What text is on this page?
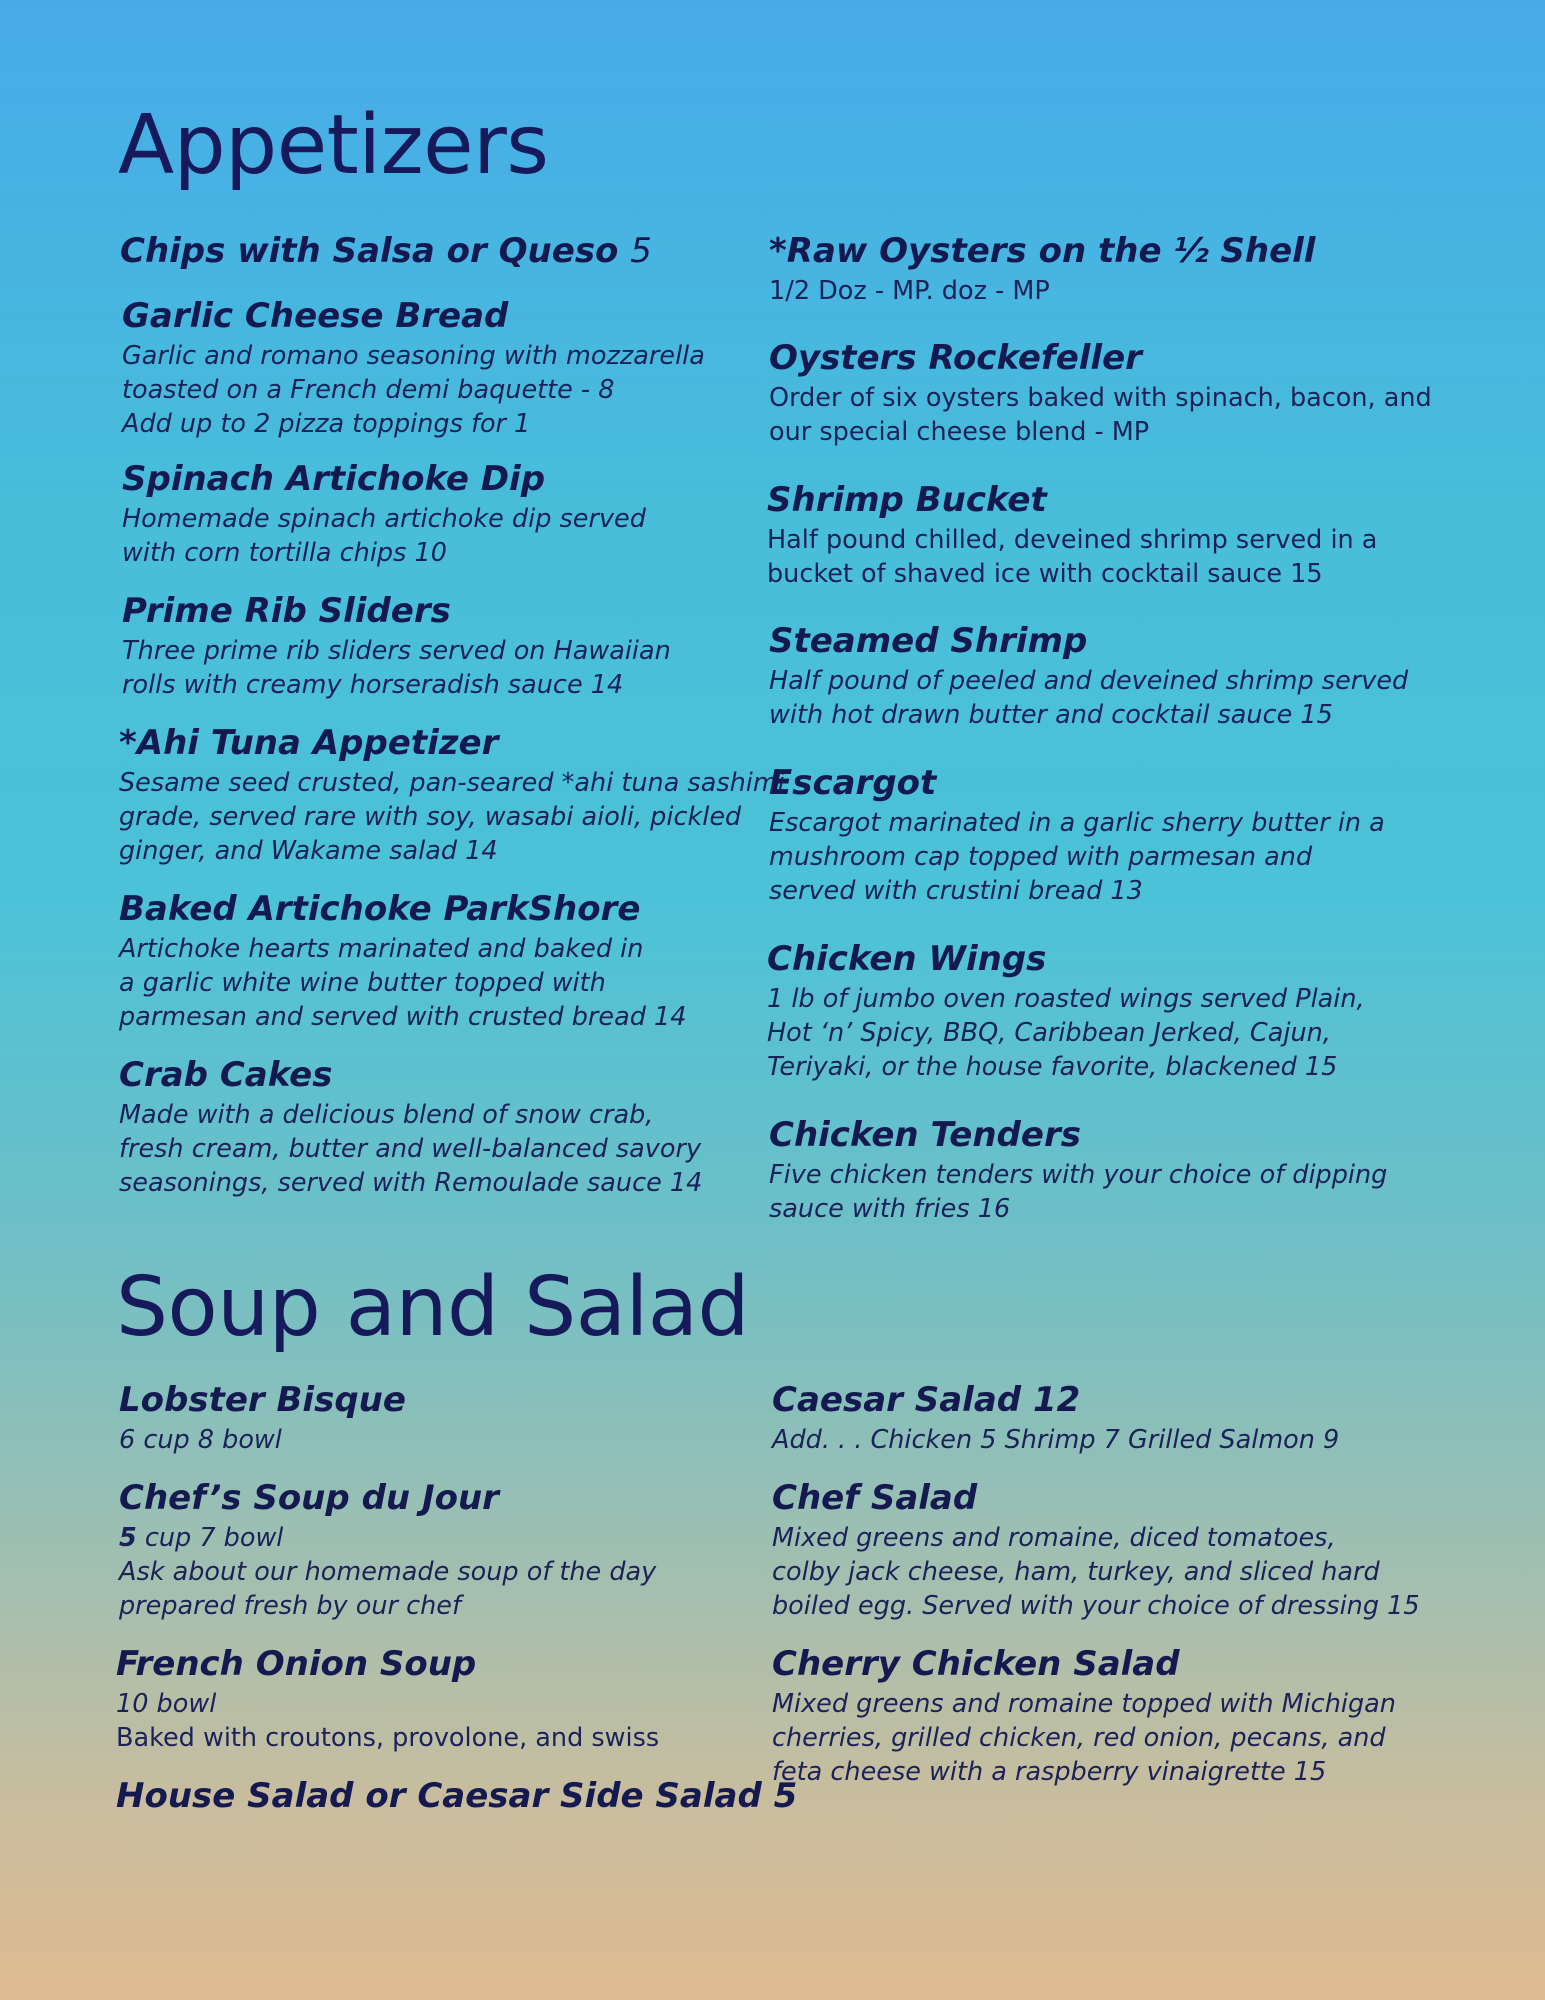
Appetizers
Chips with Salsa or Queso 5
Garlic Cheese Bread
Garlic and romano seasoning with mozzarella
toasted on a French demi baquette - 8
Add up to 2 pizza toppings for 1
Spinach Artichoke Dip
Homemade spinach artichoke dip served
with corn tortilla chips 10
Prime Rib Sliders
Three prime rib sliders served on Hawaiian
rolls with creamy horseradish sauce 14
*Ahi Tuna Appetizer
Sesame seed crusted, pan-seared *ahi tuna sashimi
grade, served rare with soy, wasabi aioli, pickled
ginger, and Wakame salad 14
Baked Artichoke ParkShore
Artichoke hearts marinated and baked in
a garlic white wine butter topped with
parmesan and served with crusted bread 14
Crab Cakes
Made with a delicious blend of snow crab,
fresh cream, butter and well-balanced savory
seasonings, served with Remoulade sauce 14
*Raw Oysters on the ½ Shell
1/2 Doz - MP. doz - MP
Oysters Rockefeller
Order of six oysters baked with spinach, bacon, and
our special cheese blend - MP
Shrimp Bucket
Half pound chilled, deveined shrimp served in a
bucket of shaved ice with cocktail sauce 15
Steamed Shrimp
Half pound of peeled and deveined shrimp served
with hot drawn butter and cocktail sauce 15
Escargot
Escargot marinated in a garlic sherry butter in a
mushroom cap topped with parmesan and
served with crustini bread 13
Chicken Wings
1 lb of jumbo oven roasted wings served Plain,
Hot ‘n’ Spicy, BBQ, Caribbean Jerked, Cajun,
Teriyaki, or the house favorite, blackened 15
Chicken Tenders
Five chicken tenders with your choice of dipping
sauce with fries 16
Soup and Salad
Lobster Bisque
6 cup 8 bowl
Chef’s Soup du Jour
5 cup 7 bowl
Ask about our homemade soup of the day
prepared fresh by our chef
French Onion Soup
10 bowl
Baked with croutons, provolone, and swiss
House Salad or Caesar Side Salad 5
Caesar Salad 12
Add. . . Chicken 5 Shrimp 7 Grilled Salmon 9
Chef Salad
Mixed greens and romaine, diced tomatoes,
colby jack cheese, ham, turkey, and sliced hard
boiled egg. Served with your choice of dressing 15
Cherry Chicken Salad
Mixed greens and romaine topped with Michigan
cherries, grilled chicken, red onion, pecans, and
feta cheese with a raspberry vinaigrette 15
